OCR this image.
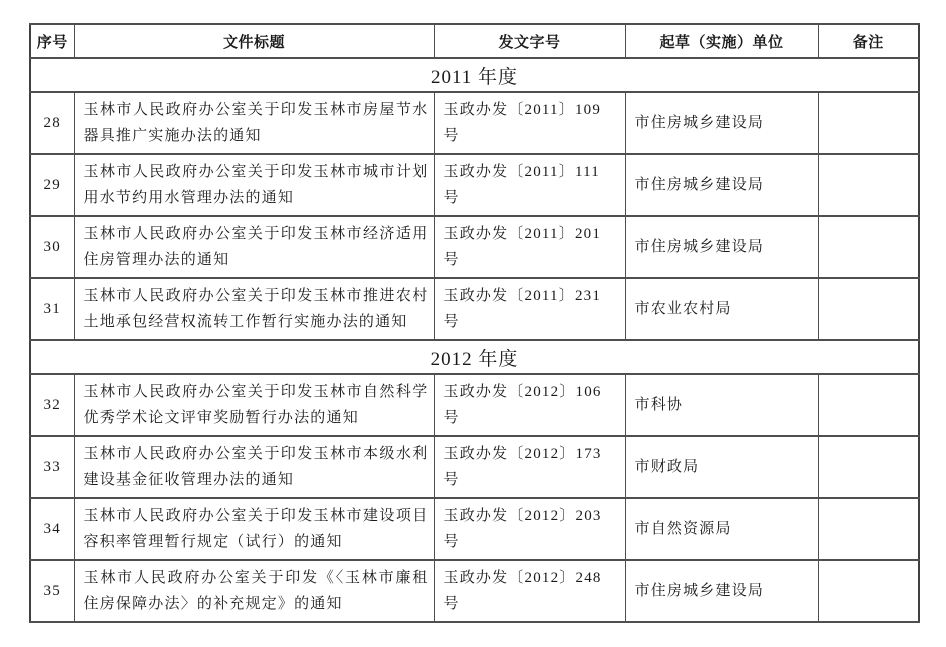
序号	文件标题	发文字号	起草（实施）单位	备注
2011 年度				
28	玉林市人民政府办公室关于印发玉林市房屋节水器具推广实施办法的通知	玉政办发〔2011〕109 号	市住房城乡建设局	
29	玉林市人民政府办公室关于印发玉林市城市计划用水节约用水管理办法的通知	玉政办发〔2011〕111 号	市住房城乡建设局	
30	玉林市人民政府办公室关于印发玉林市经济适用住房管理办法的通知	玉政办发〔2011〕201 号	市住房城乡建设局	
31	玉林市人民政府办公室关于印发玉林市推进农村土地承包经营权流转工作暂行实施办法的通知	玉政办发〔2011〕231 号	市农业农村局	
2012 年度				
32	玉林市人民政府办公室关于印发玉林市自然科学优秀学术论文评审奖励暂行办法的通知	玉政办发〔2012〕106 号	市科协	
33	玉林市人民政府办公室关于印发玉林市本级水利建设基金征收管理办法的通知	玉政办发〔2012〕173 号	市财政局	
34	玉林市人民政府办公室关于印发玉林市建设项目容积率管理暂行规定（试行）的通知	玉政办发〔2012〕203 号	市自然资源局	
35	玉林市人民政府办公室关于印发《〈玉林市廉租住房保障办法〉的补充规定》的通知	玉政办发〔2012〕248 号	市住房城乡建设局	
